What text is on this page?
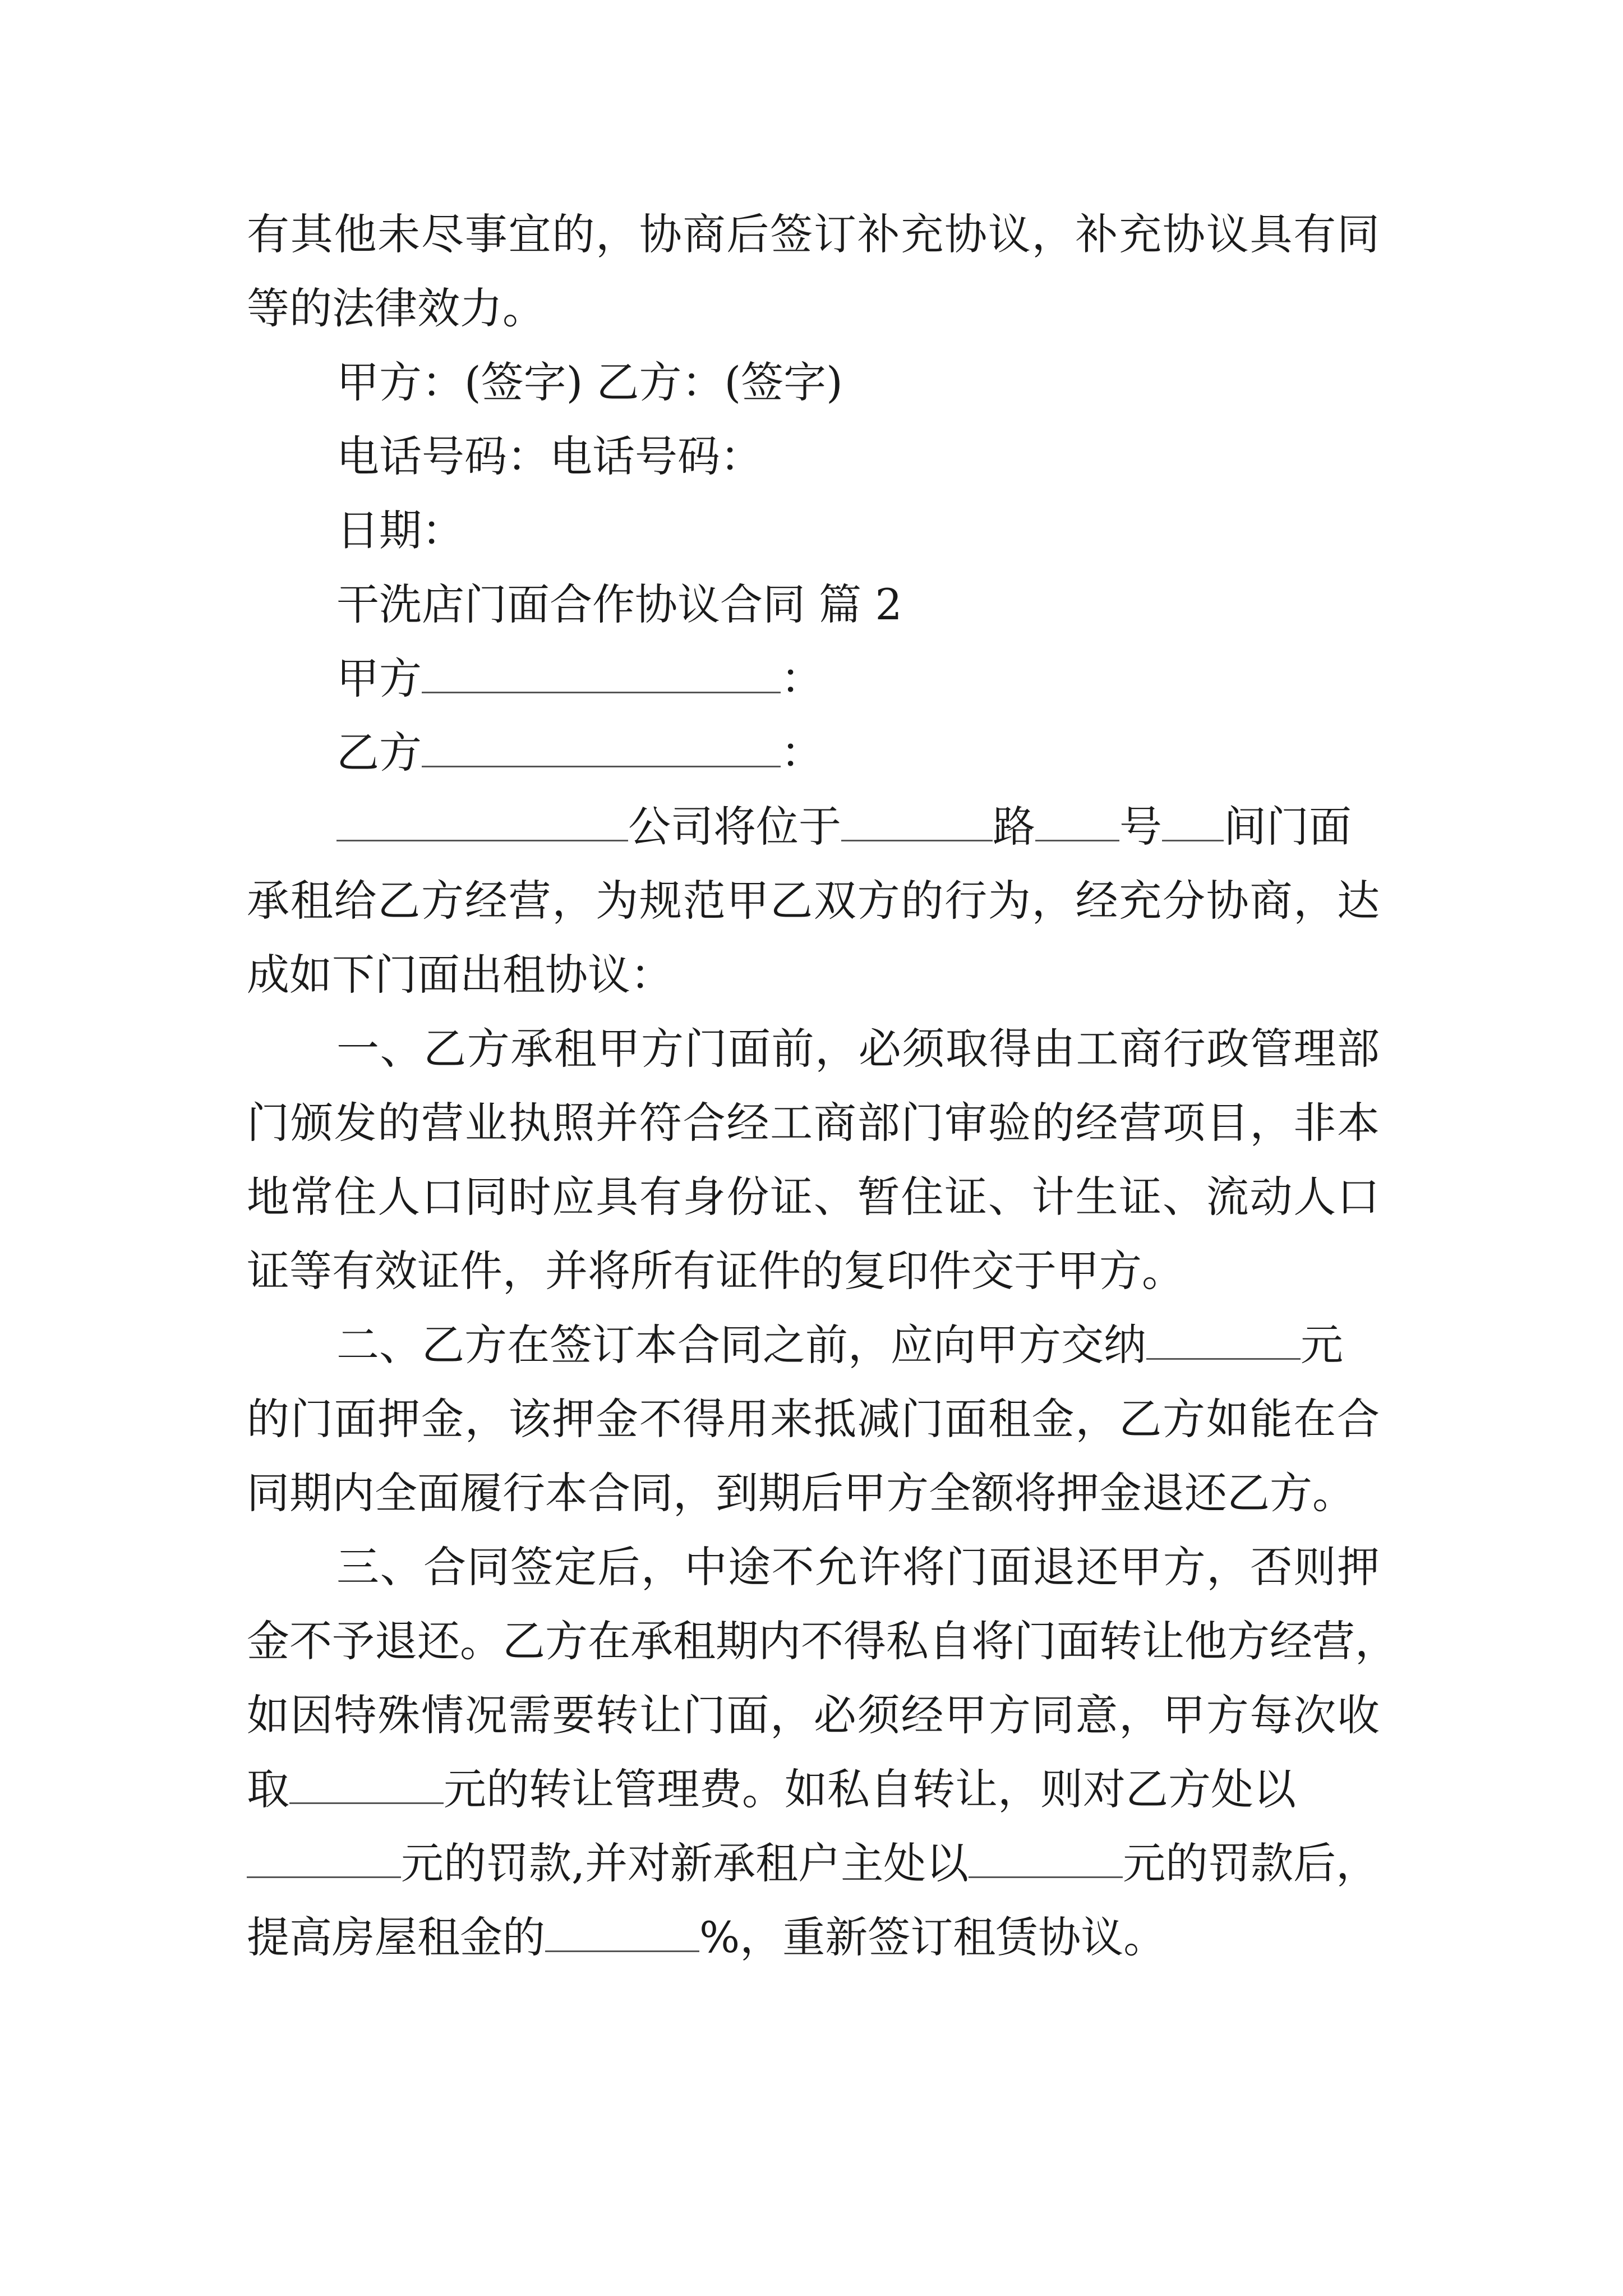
有其他未尽事宜的，协商后签订补充协议，补充协议具有同
等的法律效力。
甲方：(签字) 乙方：(签字)
电话号码：电话号码：
日期：
干洗店门面合作协议合同 篇 2
甲方	：
乙方	：
公司将位于	路 号 间门面
承租给乙方经营，为规范甲乙双方的行为，经充分协商，达
成如下门面出租协议：
一、乙方承租甲方门面前，必须取得由工商行政管理部
门颁发的营业执照并符合经工商部门审验的经营项目，非本
地常住人口同时应具有身份证、暂住证、计生证、流动人口
证等有效证件，并将所有证件的复印件交于甲方。
二、乙方在签订本合同之前，应向甲方交纳	元
的门面押金，该押金不得用来抵减门面租金，乙方如能在合
同期内全面履行本合同，到期后甲方全额将押金退还乙方。
三、合同签定后，中途不允许将门面退还甲方，否则押
金不予退还。乙方在承租期内不得私自将门面转让他方经营，
如因特殊情况需要转让门面，必须经甲方同意，甲方每次收
取	元的转让管理费。如私自转让，则对乙方处以
元的罚款,并对新承租户主处以	元的罚款后，
提高房屋租金的	%，重新签订租赁协议。
